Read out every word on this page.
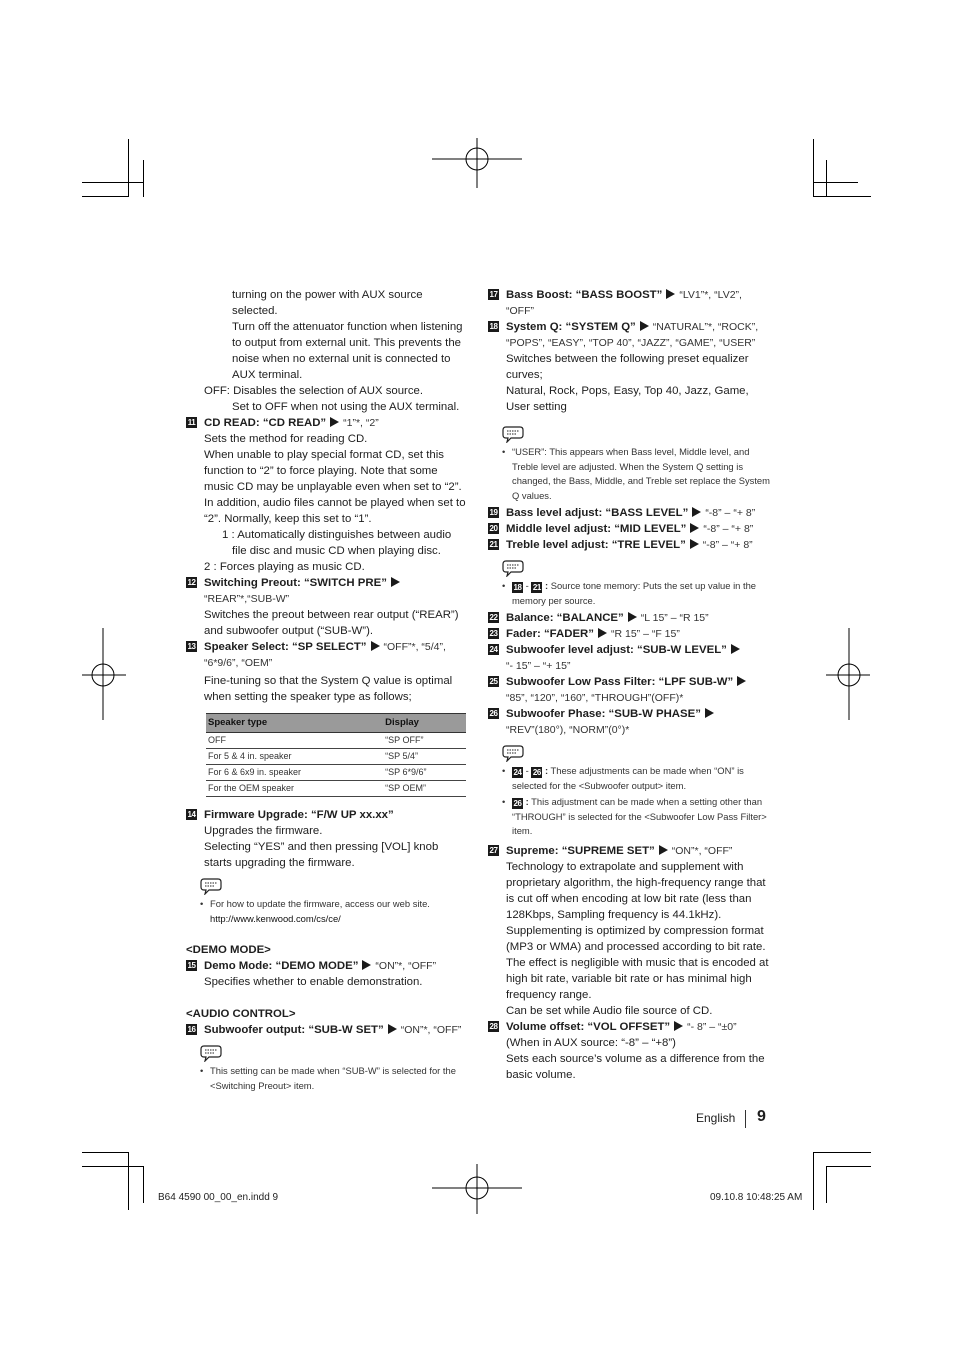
turning on the power with AUX source selected.

Turn off the attenuator function when listening to output from external unit. This prevents the noise when no external unit is connected to AUX terminal.

OFF: Disables the selection of AUX source.

Set to OFF when not using the AUX terminal.

11 CD READ: “CD READ” “1”*, “2”

Sets the method for reading CD.

When unable to play special format CD, set this function to “2” to force playing. Note that some music CD may be unplayable even when set to “2”.

In addition, audio files cannot be played when set to “2”. Normally, keep this set to “1”.

1 : Automatically distinguishes between audio file disc and music CD when playing disc.

2 : Forces playing as music CD.

12 Switching Preout: “SWITCH PRE”
“REAR”*,“SUB-W”

Switches the preout between rear output (“REAR”) and subwoofer output (“SUB-W”).

13 Speaker Select: “SP SELECT” “OFF”*, “5/4”, “6*9/6”, “OEM”

Fine-tuning so that the System Q value is optimal when setting the speaker type as follows;

Speaker type	Display
OFF	“SP OFF”
For 5 & 4 in. speaker	“SP 5/4”
For 6 & 6x9 in. speaker	“SP 6*9/6”
For the OEM speaker	“SP OEM”
14 Firmware Upgrade: “F/W UP xx.xx”

Upgrades the firmware.

Selecting “YES” and then pressing [VOL] knob starts upgrading the firmware.

• For how to update the firmware, access our web site.
http://www.kenwood.com/cs/ce/

<DEMO MODE>

15 Demo Mode: “DEMO MODE” “ON”*, “OFF”

Specifies whether to enable demonstration.

<AUDIO CONTROL>

16 Subwoofer output: “SUB-W SET” “ON”*, “OFF”
• This setting can be made when “SUB-W” is selected for the <Switching Preout> item.
17 Bass Boost: “BASS BOOST” “LV1”*, “LV2”, “OFF”
18 System Q: “SYSTEM Q” “NATURAL”*, “ROCK”, “POPS”, “EASY”, “TOP 40”, “JAZZ”, “GAME”, “USER”

Switches between the following preset equalizer curves;

Natural, Rock, Pops, Easy, Top 40, Jazz, Game, User setting

• “USER”: This appears when Bass level, Middle level, and Treble level are adjusted. When the System Q setting is changed, the Bass, Middle, and Treble set replace the System Q values.
19 Bass level adjust: “BASS LEVEL” “-8” – “+ 8”
20 Middle level adjust: “MID LEVEL” “-8” – “+ 8”
21 Treble level adjust: “TRE LEVEL” “-8” – “+ 8”
• 18 - 21 : Source tone memory: Puts the set up value in the memory per source.
22 Balance: “BALANCE” “L 15” – “R 15”
23 Fader: “FADER” “R 15” – “F 15”
24 Subwoofer level adjust: “SUB-W LEVEL”
“- 15” – “+ 15”
25 Subwoofer Low Pass Filter: “LPF SUB-W”
“85”, “120”, “160”, “THROUGH”(OFF)*
26 Subwoofer Phase: “SUB-W PHASE”
“REV”(180°), “NORM”(0°)*
• 24 - 26 : These adjustments can be made when “ON” is selected for the <Subwoofer output> item.
• 26 : This adjustment can be made when a setting other than “THROUGH” is selected for the <Subwoofer Low Pass Filter> item.
27 Supreme: “SUPREME SET” “ON”*, “OFF”

Technology to extrapolate and supplement with proprietary algorithm, the high-frequency range that is cut off when encoding at low bit rate (less than 128Kbps, Sampling frequency is 44.1kHz).

Supplementing is optimized by compression format (MP3 or WMA) and processed according to bit rate.

The effect is negligible with music that is encoded at high bit rate, variable bit rate or has minimal high frequency range.

Can be set while Audio file source of CD.

28 Volume offset: “VOL OFFSET” “- 8” – “±0”

(When in AUX source: “-8” – “+8”)

Sets each source’s volume as a difference from the basic volume.

English 9
B64 4590 00_00_en.indd 9	09.10.8 10:48:25 AM
